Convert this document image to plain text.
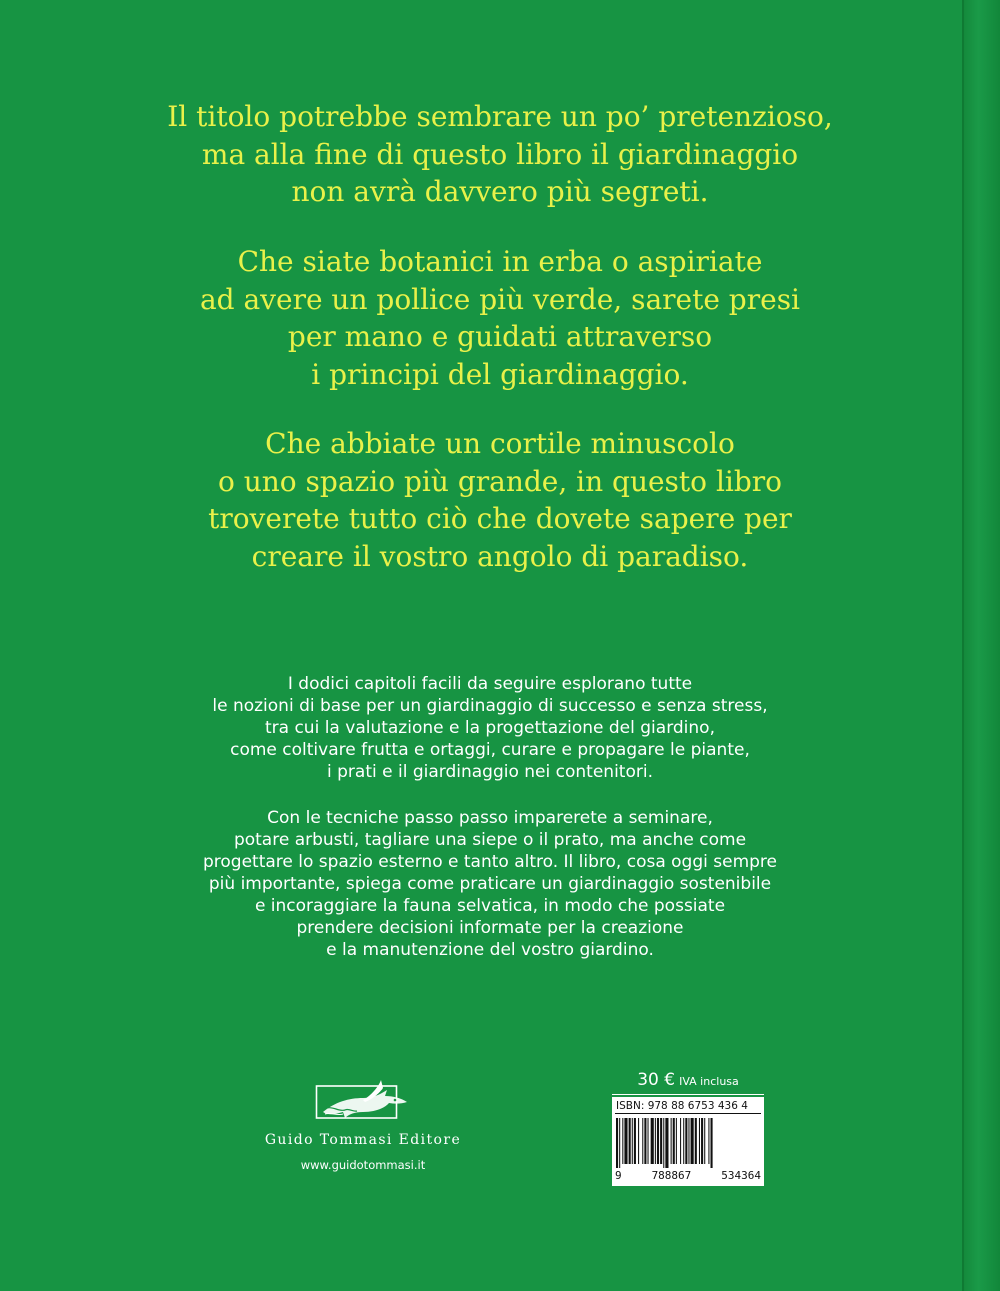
Il titolo potrebbe sembrare un po’ pretenzioso,
ma alla fine di questo libro il giardinaggio
non avrà davvero più segreti.
Che siate botanici in erba o aspiriate
ad avere un pollice più verde, sarete presi
per mano e guidati attraverso
i principi del giardinaggio.
Che abbiate un cortile minuscolo
o uno spazio più grande, in questo libro
troverete tutto ciò che dovete sapere per
creare il vostro angolo di paradiso.
I dodici capitoli facili da seguire esplorano tutte
le nozioni di base per un giardinaggio di successo e senza stress,
tra cui la valutazione e la progettazione del giardino,
come coltivare frutta e ortaggi, curare e propagare le piante,
i prati e il giardinaggio nei contenitori.
Con le tecniche passo passo imparerete a seminare,
potare arbusti, tagliare una siepe o il prato, ma anche come
progettare lo spazio esterno e tanto altro. Il libro, cosa oggi sempre
più importante, spiega come praticare un giardinaggio sostenibile
e incoraggiare la fauna selvatica, in modo che possiate
prendere decisioni informate per la creazione
e la manutenzione del vostro giardino.
Guido Tommasi Editore
www.guidotommasi.it
30 € IVA inclusa
ISBN: 978 88 6753 436 4
9	788867	534364
